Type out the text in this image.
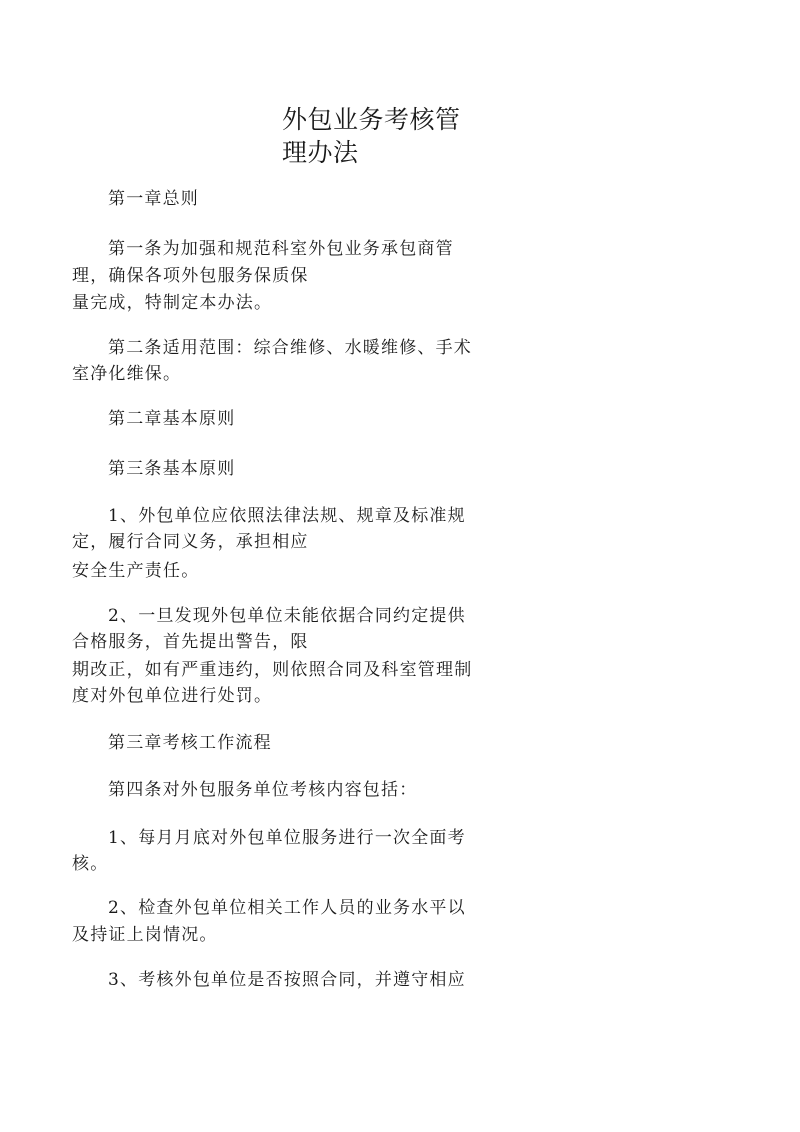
外包业务考核管
理办法
第一章总则
第一条为加强和规范科室外包业务承包商管
理，确保各项外包服务保质保
量完成，特制定本办法。
第二条适用范围：综合维修、水暖维修、手术
室净化维保。
第二章基本原则
第三条基本原则
1、外包单位应依照法律法规、规章及标准规
定，履行合同义务，承担相应
安全生产责任。
2、一旦发现外包单位未能依据合同约定提供
合格服务，首先提出警告，限
期改正，如有严重违约，则依照合同及科室管理制
度对外包单位进行处罚。
第三章考核工作流程
第四条对外包服务单位考核内容包括：
1、每月月底对外包单位服务进行一次全面考
核。
2、检查外包单位相关工作人员的业务水平以
及持证上岗情况。
3、考核外包单位是否按照合同，并遵守相应
